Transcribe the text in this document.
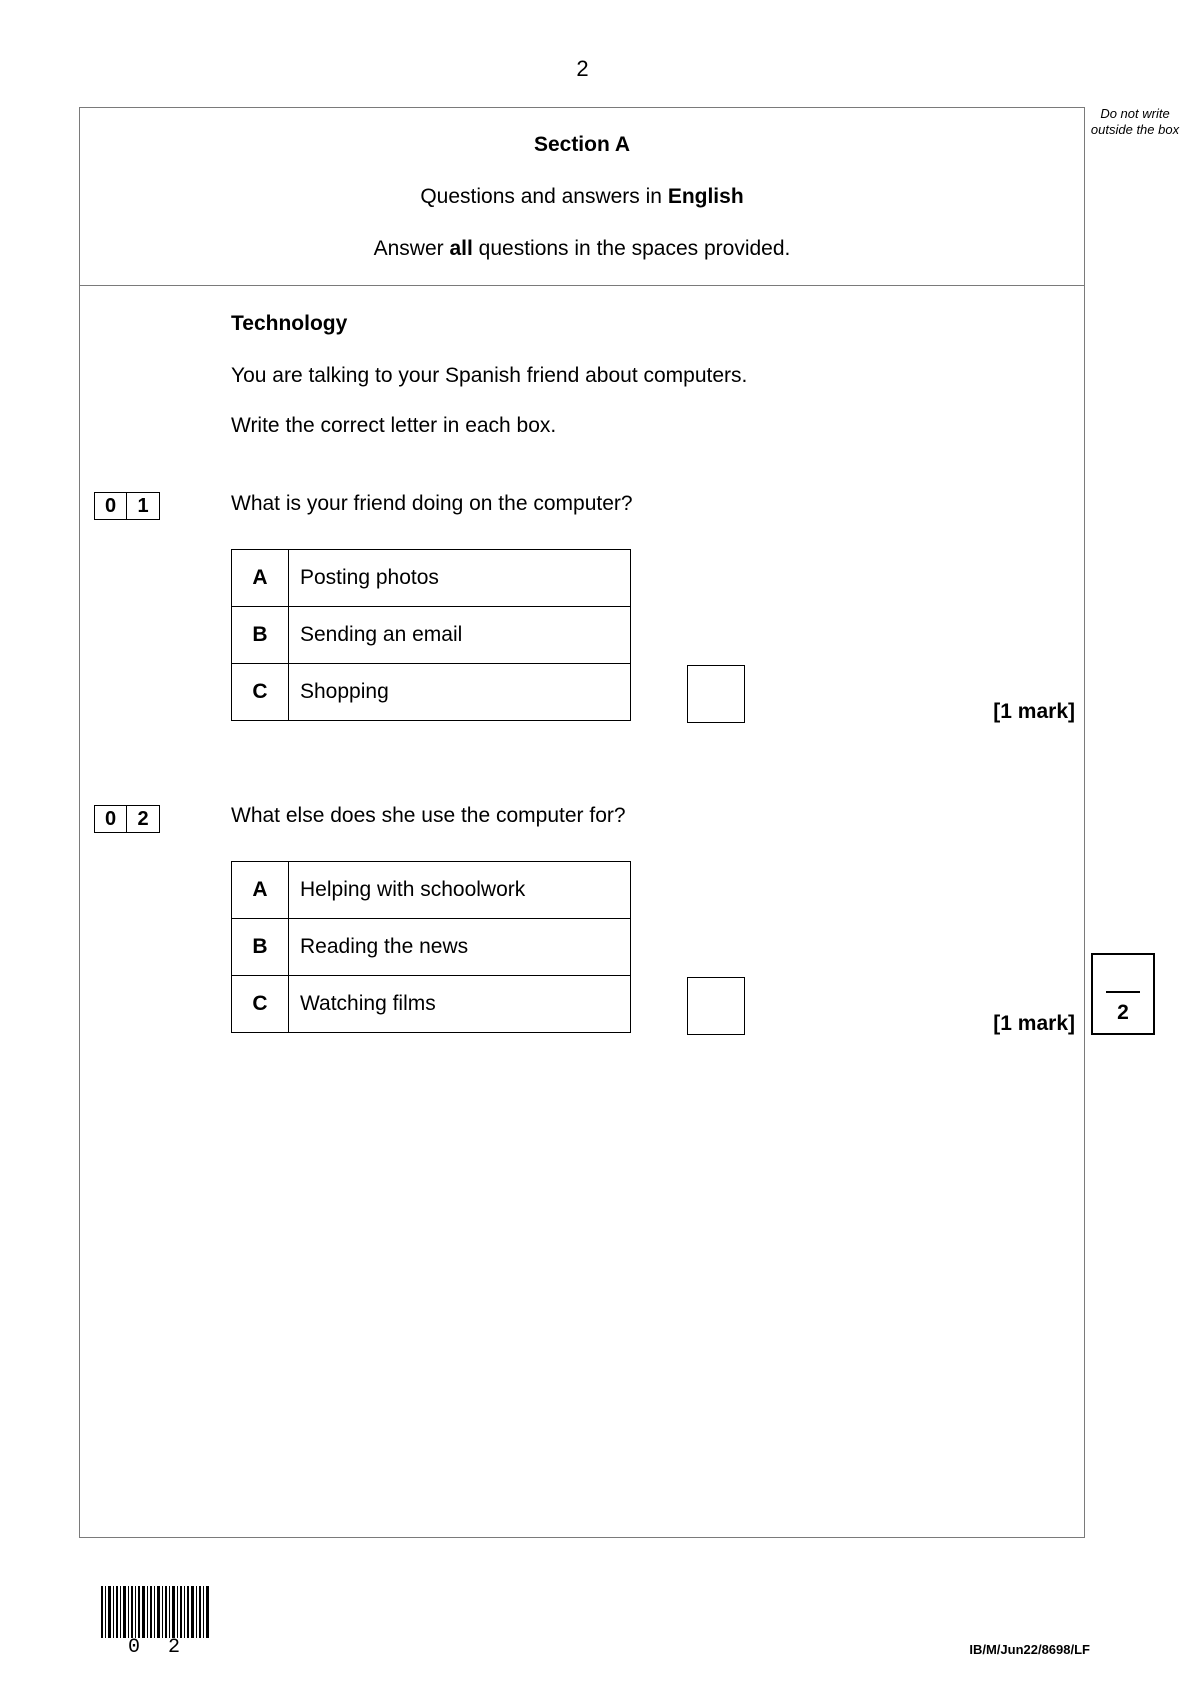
2
Do not write outside the box
Section A
Questions and answers in English
Answer all questions in the spaces provided.
Technology
You are talking to your Spanish friend about computers.
Write the correct letter in each box.
0	1	What is your friend doing on the computer?
A	Posting photos
B	Sending an email
C	Shopping
[1 mark]
0	2	What else does she use the computer for?
A	Helping with schoolwork
B	Reading the news
C	Watching films
[1 mark]	2
0 2	IB/M/Jun22/8698/LF
